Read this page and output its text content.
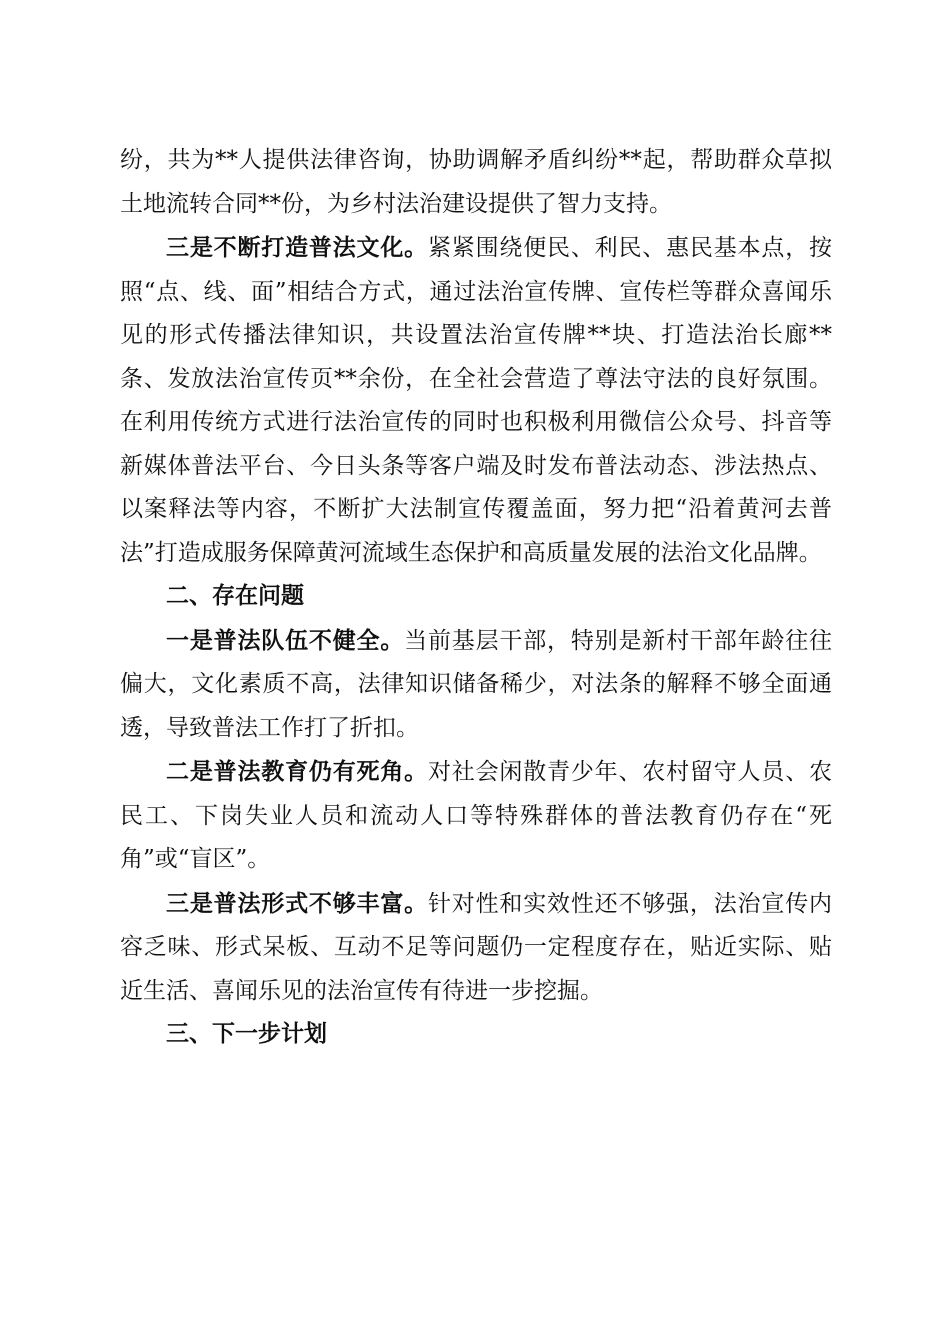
纷，共为**人提供法律咨询，协助调解矛盾纠纷**起，帮助群众草拟土地流转合同**份，为乡村法治建设提供了智力支持。

三是不断打造普法文化。紧紧围绕便民、利民、惠民基本点，按照“点、线、面”相结合方式，通过法治宣传牌、宣传栏等群众喜闻乐见的形式传播法律知识，共设置法治宣传牌**块、打造法治长廊**条、发放法治宣传页**余份，在全社会营造了尊法守法的良好氛围。在利用传统方式进行法治宣传的同时也积极利用微信公众号、抖音等新媒体普法平台、今日头条等客户端及时发布普法动态、涉法热点、以案释法等内容，不断扩大法制宣传覆盖面，努力把“沿着黄河去普法”打造成服务保障黄河流域生态保护和高质量发展的法治文化品牌。

二、存在问题

一是普法队伍不健全。当前基层干部，特别是新村干部年龄往往偏大，文化素质不高，法律知识储备稀少，对法条的解释不够全面通透，导致普法工作打了折扣。

二是普法教育仍有死角。对社会闲散青少年、农村留守人员、农民工、下岗失业人员和流动人口等特殊群体的普法教育仍存在“死角”或“盲区”。

三是普法形式不够丰富。针对性和实效性还不够强，法治宣传内容乏味、形式呆板、互动不足等问题仍一定程度存在，贴近实际、贴近生活、喜闻乐见的法治宣传有待进一步挖掘。

三、下一步计划
